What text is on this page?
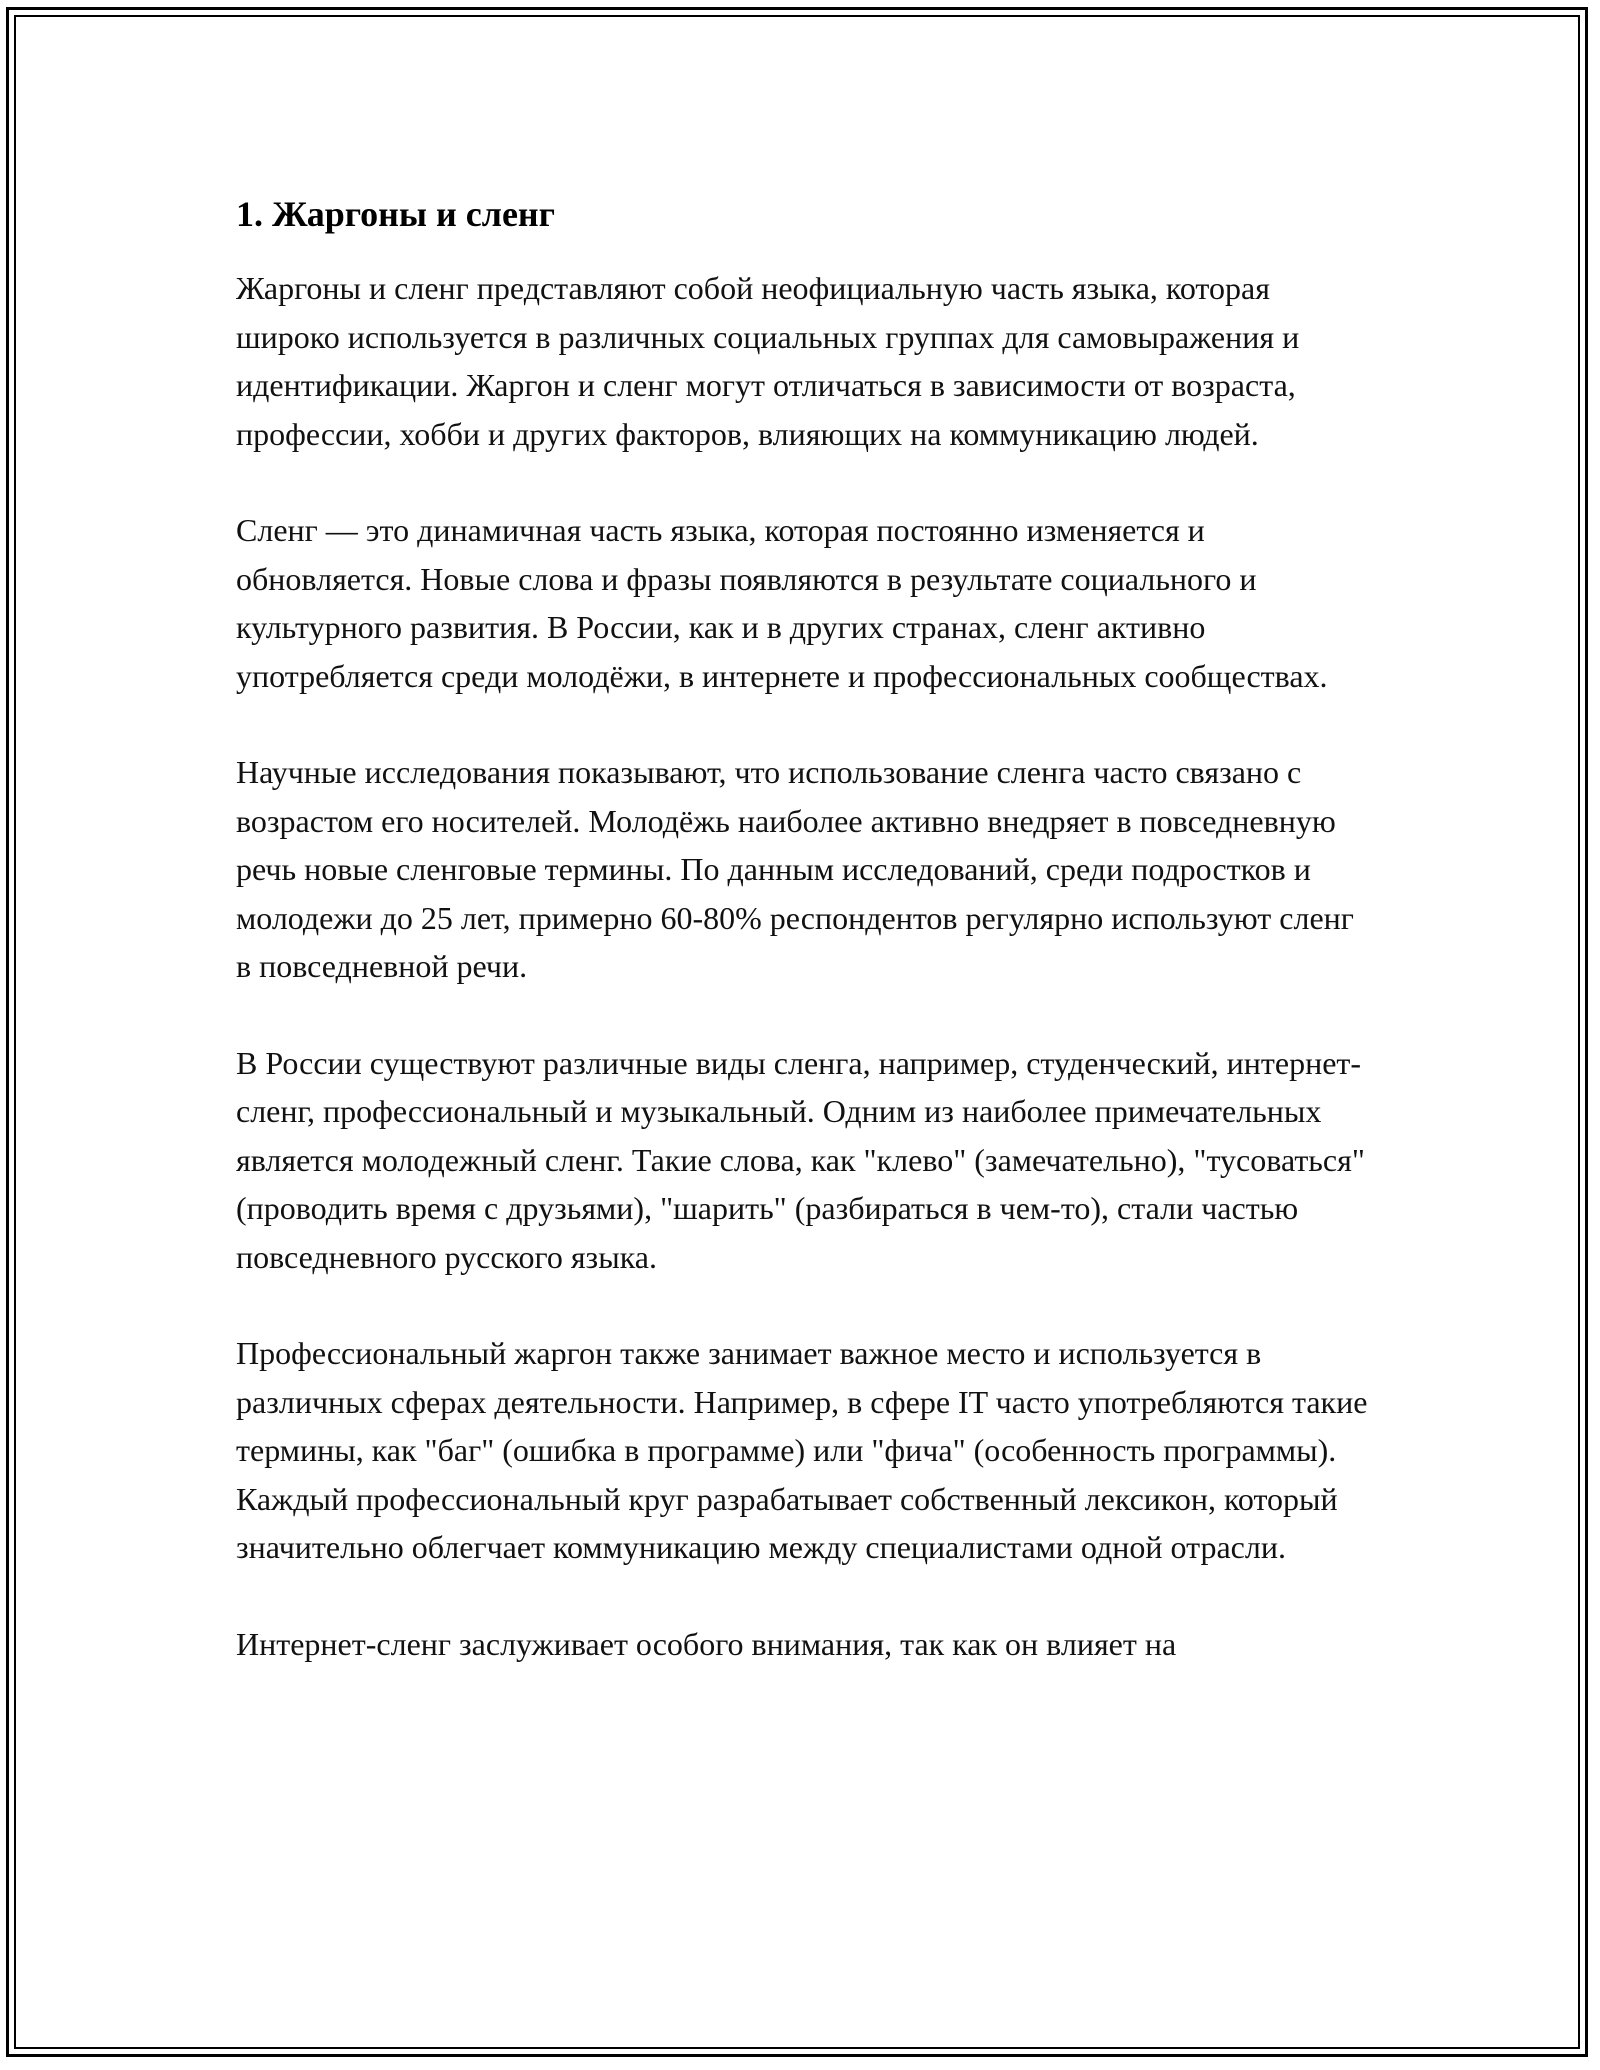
1. Жаргоны и сленг

Жаргоны и сленг представляют собой неофициальную часть языка, которая широко используется в различных социальных группах для самовыражения и идентификации. Жаргон и сленг могут отличаться в зависимости от возраста, профессии, хобби и других факторов, влияющих на коммуникацию людей.

Сленг — это динамичная часть языка, которая постоянно изменяется и обновляется. Новые слова и фразы появляются в результате социального и культурного развития. В России, как и в других странах, сленг активно употребляется среди молодёжи, в интернете и профессиональных сообществах.

Научные исследования показывают, что использование сленга часто связано с возрастом его носителей. Молодёжь наиболее активно внедряет в повседневную речь новые сленговые термины. По данным исследований, среди подростков и молодежи до 25 лет, примерно 60-80% респондентов регулярно используют сленг в повседневной речи.

В России существуют различные виды сленга, например, студенческий, интернет-сленг, профессиональный и музыкальный. Одним из наиболее примечательных является молодежный сленг. Такие слова, как "клево" (замечательно), "тусоваться" (проводить время с друзьями), "шарить" (разбираться в чем-то), стали частью повседневного русского языка.

Профессиональный жаргон также занимает важное место и используется в различных сферах деятельности. Например, в сфере IT часто употребляются такие термины, как "баг" (ошибка в программе) или "фича" (особенность программы). Каждый профессиональный круг разрабатывает собственный лексикон, который значительно облегчает коммуникацию между специалистами одной отрасли.

Интернет-сленг заслуживает особого внимания, так как он влияет на
